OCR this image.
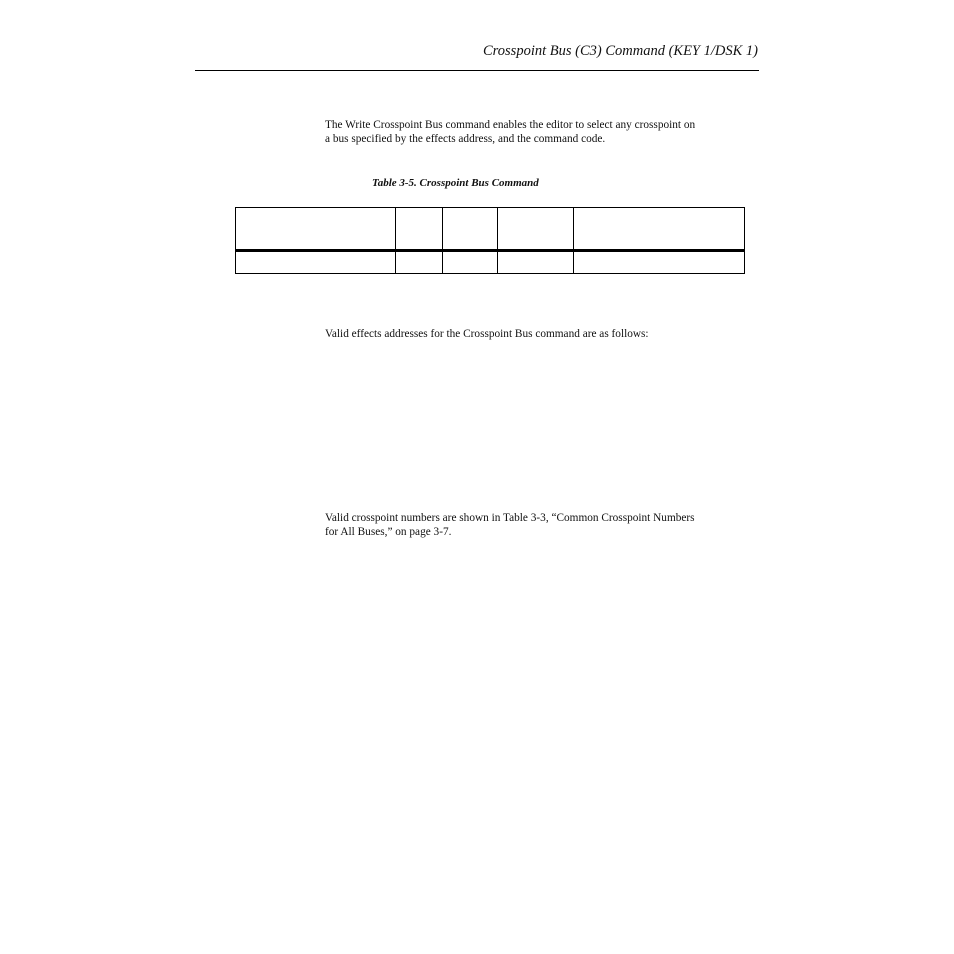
Crosspoint Bus (C3) Command (KEY 1/DSK 1)
The Write Crosspoint Bus command enables the editor to select any crosspoint on
a bus specified by the effects address, and the command code.
Table 3-5. Crosspoint Bus Command

Valid effects addresses for the Crosspoint Bus command are as follows:
Valid crosspoint numbers are shown in Table 3-3, “Common Crosspoint Numbers
for All Buses,” on page 3-7.
